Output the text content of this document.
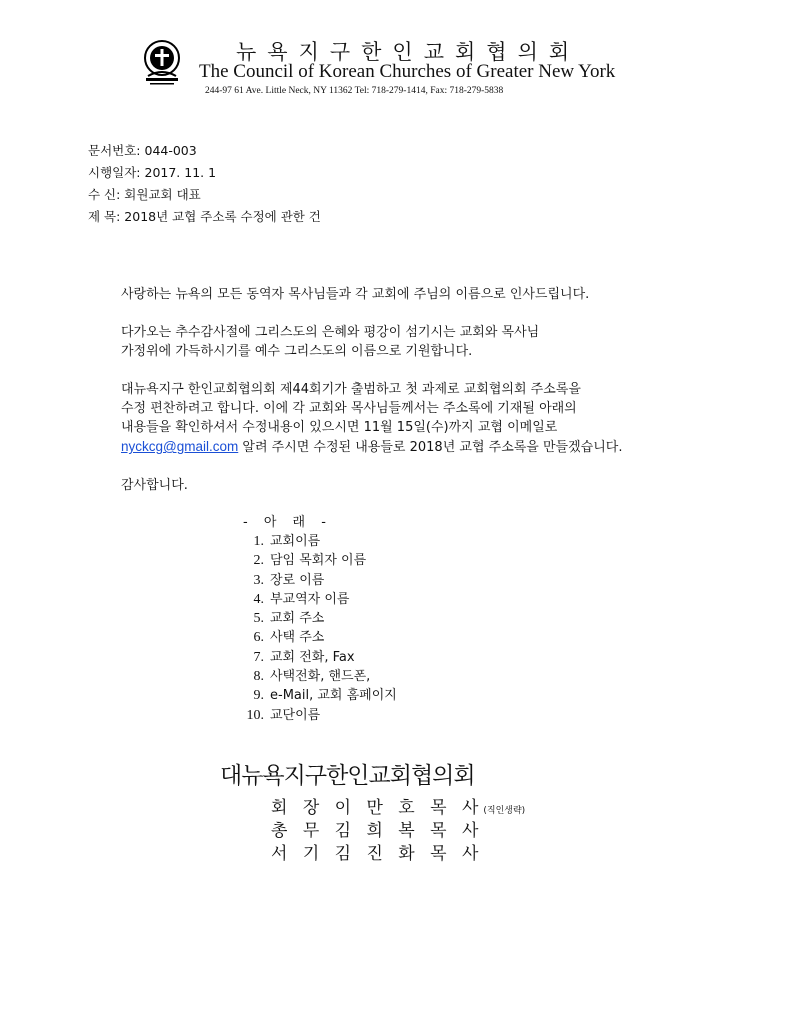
뉴욕지구한인교회협의회
The Council of Korean Churches of Greater New York
244-97 61 Ave. Little Neck, NY 11362 Tel: 718-279-1414, Fax: 718-279-5838
문서번호: 044-003
시행일자: 2017. 11. 1
수 신: 회원교회 대표
제 목: 2018년 교협 주소록 수정에 관한 건
사랑하는 뉴욕의 모든 동역자 목사님들과 각 교회에 주님의 이름으로 인사드립니다.
다가오는 추수감사절에 그리스도의 은혜와 평강이 섬기시는 교회와 목사님
가정위에 가득하시기를 예수 그리스도의 이름으로 기원합니다.
대뉴욕지구 한인교회협의회 제44회기가 출범하고 첫 과제로 교회협의회 주소록을
수정 편찬하려고 합니다. 이에 각 교회와 목사님들께서는 주소록에 기재될 아래의
내용들을 확인하셔서 수정내용이 있으시면 11월 15일(수)까지 교협 이메일로
nyckcg@gmail.com 알려 주시면 수정된 내용들로 2018년 교협 주소록을 만들겠습니다.
감사합니다.
- 아 래 -
1. 교회이름
2. 담임 목회자 이름
3. 장로 이름
4. 부교역자 이름
5. 교회 주소
6. 사택 주소
7. 교회 전화, Fax
8. 사택전화, 핸드폰,
9. e-Mail, 교회 홈페이지
10. 교단이름
대뉴욕지구한인교회협의회
회 장 이 만 호 목 사(직인생략)
총 무 김 희 복 목 사
서 기 김 진 화 목 사
